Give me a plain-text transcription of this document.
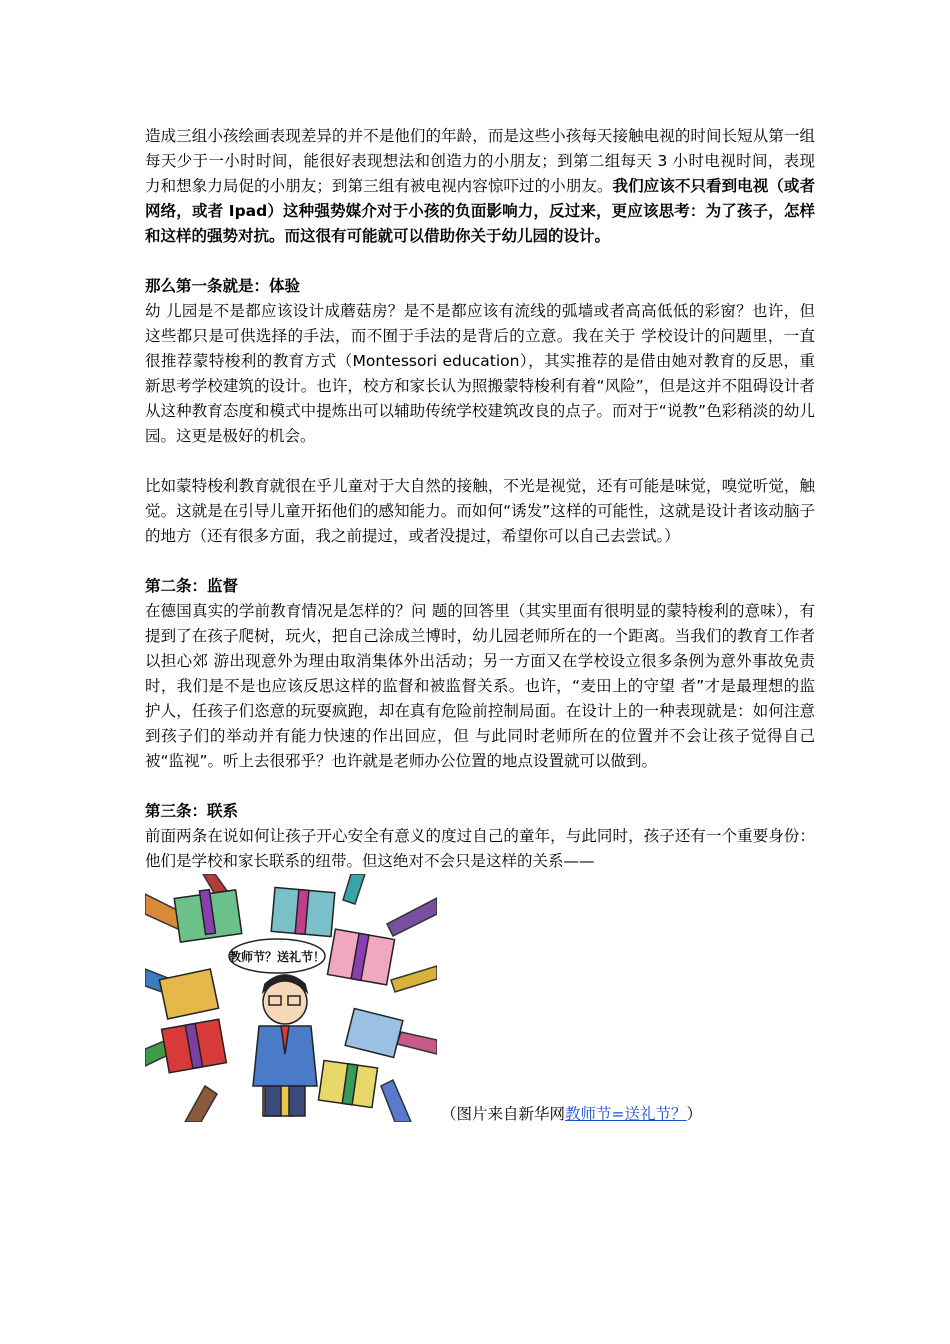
造成三组小孩绘画表现差异的并不是他们的年龄，而是这些小孩每天接触电视的时间长短从第一组每天少于一小时时间，能很好表现想法和创造力的小朋友；到第二组每天 3 小时电视时间，表现力和想象力局促的小朋友；到第三组有被电视内容惊吓过的小朋友。我们应该不只看到电视（或者网络，或者 Ipad）这种强势媒介对于小孩的负面影响力，反过来，更应该思考：为了孩子，怎样和这样的强势对抗。而这很有可能就可以借助你关于幼儿园的设计。

那么第一条就是：体验

幼 儿园是不是都应该设计成蘑菇房？是不是都应该有流线的弧墙或者高高低低的彩窗？也许，但这些都只是可供选择的手法，而不囿于手法的是背后的立意。我在关于 学校设计的问题里，一直很推荐蒙特梭利的教育方式（Montessori education），其实推荐的是借由她对教育的反思，重新思考学校建筑的设计。也许，校方和家长认为照搬蒙特梭利有着“风险”，但是这并不阻碍设计者 从这种教育态度和模式中提炼出可以辅助传统学校建筑改良的点子。而对于“说教”色彩稍淡的幼儿园。这更是极好的机会。

比如蒙特梭利教育就很在乎儿童对于大自然的接触，不光是视觉，还有可能是味觉，嗅觉听觉，触觉。这就是在引导儿童开拓他们的感知能力。而如何“诱发”这样的可能性，这就是设计者该动脑子的地方（还有很多方面，我之前提过，或者没提过，希望你可以自己去尝试。）

第二条：监督

在德国真实的学前教育情况是怎样的？问 题的回答里（其实里面有很明显的蒙特梭利的意味），有提到了在孩子爬树，玩火，把自己涂成兰博时，幼儿园老师所在的一个距离。当我们的教育工作者以担心郊 游出现意外为理由取消集体外出活动；另一方面又在学校设立很多条例为意外事故免责时，我们是不是也应该反思这样的监督和被监督关系。也许，“麦田上的守望 者”才是最理想的监护人，任孩子们恣意的玩耍疯跑，却在真有危险前控制局面。在设计上的一种表现就是：如何注意到孩子们的举动并有能力快速的作出回应，但 与此同时老师所在的位置并不会让孩子觉得自己被“监视”。听上去很邪乎？也许就是老师办公位置的地点设置就可以做到。

第三条：联系

前面两条在说如何让孩子开心安全有意义的度过自己的童年，与此同时，孩子还有一个重要身份：他们是学校和家长联系的纽带。但这绝对不会只是这样的关系——

教师节？送礼节！
（图片来自新华网教师节=送礼节？）
